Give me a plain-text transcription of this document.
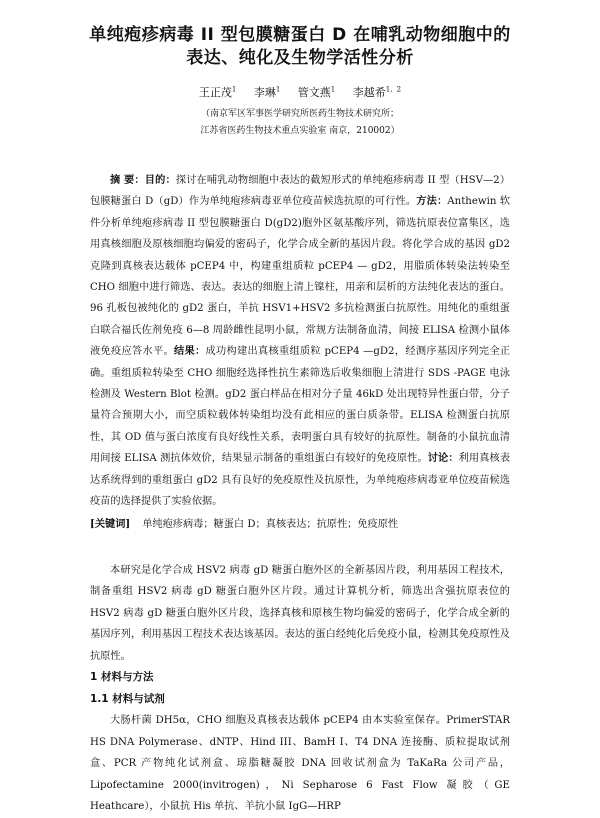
单纯疱疹病毒 II 型包膜糖蛋白 D 在哺乳动物细胞中的
表达、纯化及生物学活性分析
王正茂$^1$ 李琳$^1$ 管文燕$^1$ 李越希$^{1, 2}$
（南京军区军事医学研究所医药生物技术研究所；
江苏省医药生物技术重点实验室 南京，210002）
摘 要：目的：探讨在哺乳动物细胞中表达的截短形式的单纯疱疹病毒 II 型（HSV—2）包膜糖蛋白 D（gD）作为单纯疱疹病毒亚单位疫苗候选抗原的可行性。方法：Anthewin 软件分析单纯疱疹病毒 II 型包膜糖蛋白 D(gD2)胞外区氨基酸序列，筛选抗原表位富集区，选用真核细胞及原核细胞均偏爱的密码子，化学合成全新的基因片段。将化学合成的基因 gD2 克隆到真核表达载体 pCEP4 中，构建重组质粒 pCEP4 — gD2，用脂质体转染法转染至 CHO 细胞中进行筛选、表达。表达的细胞上清上镍柱，用亲和层析的方法纯化表达的蛋白。96 孔板包被纯化的 gD2 蛋白，羊抗 HSV1+HSV2 多抗检测蛋白抗原性。用纯化的重组蛋白联合福氏佐剂免疫 6—8 周龄雌性昆明小鼠，常规方法制备血清，间接 ELISA 检测小鼠体液免疫应答水平。结果：成功构建出真核重组质粒 pCEP4 —gD2，经测序基因序列完全正确。重组质粒转染至 CHO 细胞经选择性抗生素筛选后收集细胞上清进行 SDS -PAGE 电泳检测及 Western Blot 检测。gD2 蛋白样品在相对分子量 46kD 处出现特异性蛋白带，分子量符合预期大小，而空质粒载体转染组均没有此相应的蛋白质条带。ELISA 检测蛋白抗原性，其 OD 值与蛋白浓度有良好线性关系，表明蛋白具有较好的抗原性。制备的小鼠抗血清用间接 ELISA 测抗体效价，结果显示制备的重组蛋白有较好的免疫原性。讨论：利用真核表达系统得到的重组蛋白 gD2 具有良好的免疫原性及抗原性，为单纯疱疹病毒亚单位疫苗候选疫苗的选择提供了实验依据。
[关键词] 单纯疱疹病毒；糖蛋白 D；真核表达；抗原性；免疫原性

本研究是化学合成 HSV2 病毒 gD 糖蛋白胞外区的全新基因片段，利用基因工程技术，制备重组 HSV2 病毒 gD 糖蛋白胞外区片段。通过计算机分析，筛选出含强抗原表位的 HSV2 病毒 gD 糖蛋白胞外区片段，选择真核和原核生物均偏爱的密码子，化学合成全新的基因序列，利用基因工程技术表达该基因。表达的蛋白经纯化后免疫小鼠，检测其免疫原性及抗原性。

1 材料与方法

1.1 材料与试剂

大肠杆菌 DH5α，CHO 细胞及真核表达载体 pCEP4 由本实验室保存。PrimerSTAR HS DNA Polymerase、dNTP、Hind III、BamH I、T4 DNA 连接酶、质粒提取试剂盒、PCR 产物纯化试剂盒、琼脂糖凝胶 DNA 回收试剂盒为 TaKaRa 公司产品，Lipofectamine 2000(invitrogen)，Ni Sepharose 6 Fast Flow 凝胶（GE Heathcare），小鼠抗 His 单抗、羊抗小鼠 IgG—HRP
